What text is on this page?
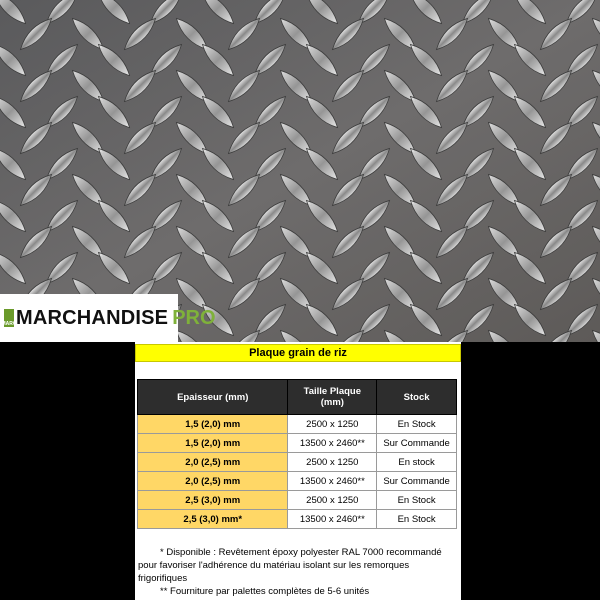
MARC MARCHANDISE PRO
Plaque grain de riz
Epaisseur (mm)	Taille Plaque (mm)	Stock
1,5 (2,0) mm	2500 x 1250	En Stock
1,5 (2,0) mm	13500 x 2460**	Sur Commande
2,0 (2,5) mm	2500 x 1250	En stock
2,0 (2,5) mm	13500 x 2460**	Sur Commande
2,5 (3,0) mm	2500 x 1250	En Stock
2,5 (3,0) mm*	13500 x 2460**	En Stock
* Disponible : Revêtement époxy polyester RAL 7000 recommandé pour favoriser l'adhérence du matériau isolant sur les remorques frigorifiques
** Fourniture par palettes complètes de 5-6 unités
